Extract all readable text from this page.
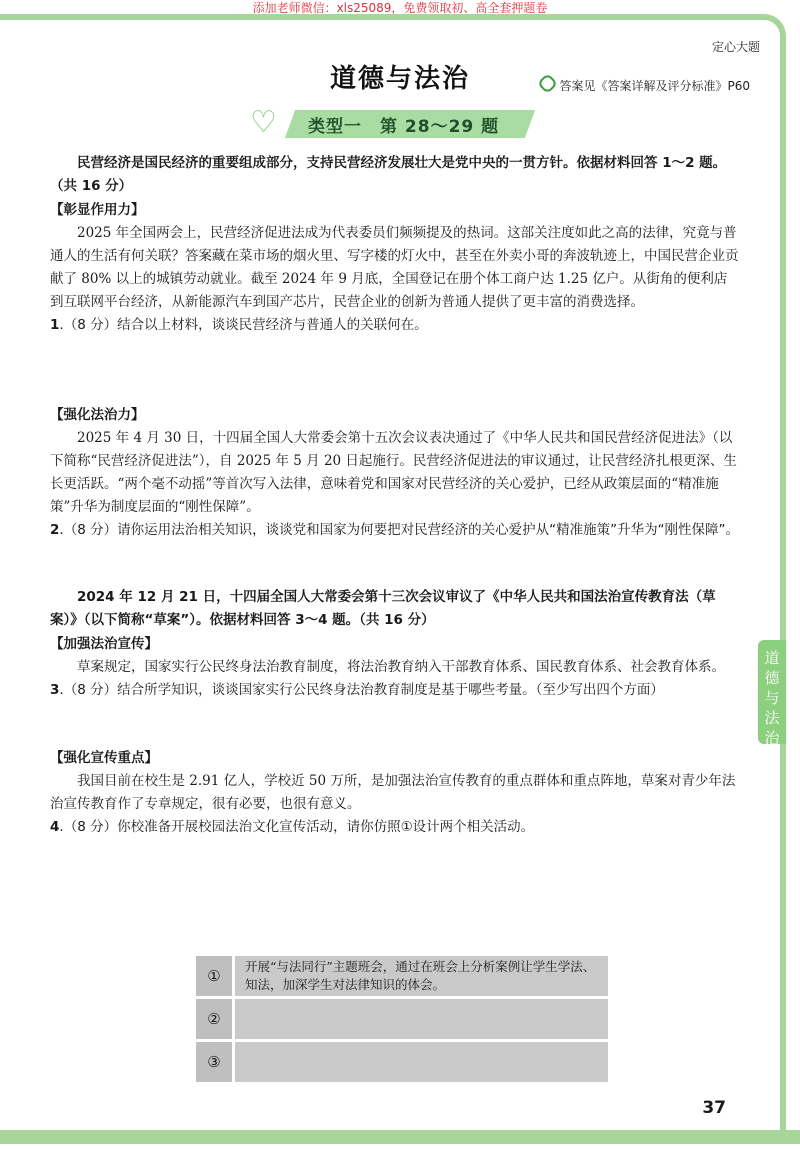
添加老师微信：xls25089，免费领取初、高全套押题卷
定心大题
道德与法治	答案见《答案详解及评分标准》P60
♡ 类型一　第 28～29 题

民营经济是国民经济的重要组成部分，支持民营经济发展壮大是党中央的一贯方针。依据材料回答 1～2 题。（共 16 分）

【彰显作用力】

2025 年全国两会上，民营经济促进法成为代表委员们频频提及的热词。这部关注度如此之高的法律，究竟与普通人的生活有何关联？答案藏在菜市场的烟火里、写字楼的灯火中，甚至在外卖小哥的奔波轨迹上，中国民营企业贡献了 80% 以上的城镇劳动就业。截至 2024 年 9 月底，全国登记在册个体工商户达 1.25 亿户。从街角的便利店到互联网平台经济，从新能源汽车到国产芯片，民营企业的创新为普通人提供了更丰富的消费选择。

1.（8 分）结合以上材料，谈谈民营经济与普通人的关联何在。

【强化法治力】

2025 年 4 月 30 日，十四届全国人大常委会第十五次会议表决通过了《中华人民共和国民营经济促进法》（以下简称“民营经济促进法”），自 2025 年 5 月 20 日起施行。民营经济促进法的审议通过，让民营经济扎根更深、生长更活跃。“两个毫不动摇”等首次写入法律，意味着党和国家对民营经济的关心爱护，已经从政策层面的“精准施策”升华为制度层面的“刚性保障”。

2.（8 分）请你运用法治相关知识，谈谈党和国家为何要把对民营经济的关心爱护从“精准施策”升华为“刚性保障”。

2024 年 12 月 21 日，十四届全国人大常委会第十三次会议审议了《中华人民共和国法治宣传教育法（草案）》（以下简称“草案”）。依据材料回答 3～4 题。（共 16 分）

【加强法治宣传】

草案规定，国家实行公民终身法治教育制度，将法治教育纳入干部教育体系、国民教育体系、社会教育体系。

3.（8 分）结合所学知识，谈谈国家实行公民终身法治教育制度是基于哪些考量。（至少写出四个方面）

【强化宣传重点】

我国目前在校生是 2.91 亿人，学校近 50 万所，是加强法治宣传教育的重点群体和重点阵地，草案对青少年法治宣传教育作了专章规定，很有必要，也很有意义。

4.（8 分）你校准备开展校园法治文化宣传活动，请你仿照①设计两个相关活动。

①
开展“与法同行”主题班会，通过在班会上分析案例让学生学法、知法，加深学生对法律知识的体会。
②
③
道德与法治
37
